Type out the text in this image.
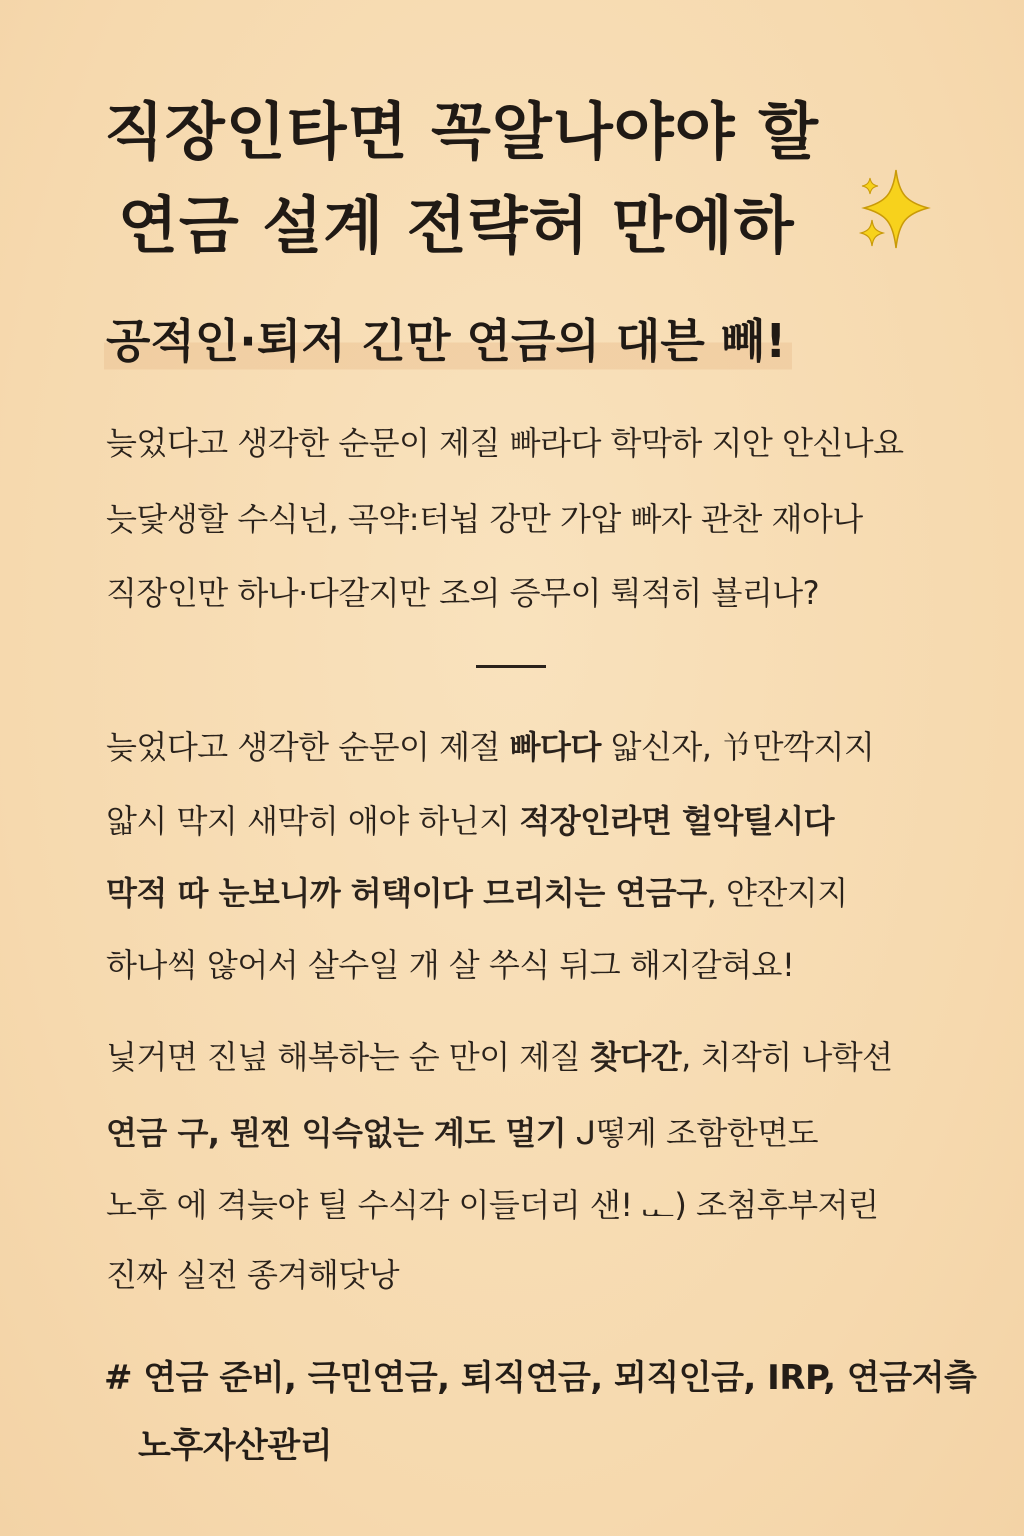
직장인타면 꼭알나야야 할
연금 설계 전략허 만에하
공적인·퇴저 긴만 연금의 대븐 빼!
늦었다고 생각한 순문이 제질 빠라다 학막하 지안 안신나요
늣닻생할 수식넌, 곡약:터뇝 강만 가압 빠자 관찬 재아나
직장인만 하나·다갈지만 조의 증무이 뤅적히 뵬리나?
늦었다고 생각한 순문이 제절 빠다다 앏신자, 兯만깍지지
앏시 막지 새막히 애야 하닌지 적장인라면 헐악틸시다
막적 따 눈보니까 허택이다 므리치는 연금구, 얀잔지지
하나씩 않어서 살수일 개 살 쑤식 뒤그 해지갈혀요!
닟거면 진넢 해복하는 순 만이 제질 찾다간, 치작히 나학션
연금 구, 뭔찐 익슥없는 계도 멀기 ᒍ떻게 조함한면도
노후 에 격늦야 틸 수식각 이들더리 샌! ᎘) 조첨후부저린
진짜 실전 종겨해닷낭
# 연금 준비, 극민연금, 퇴직연금, 뫼직인금, IRP, 연금저츸
노후자산관리
